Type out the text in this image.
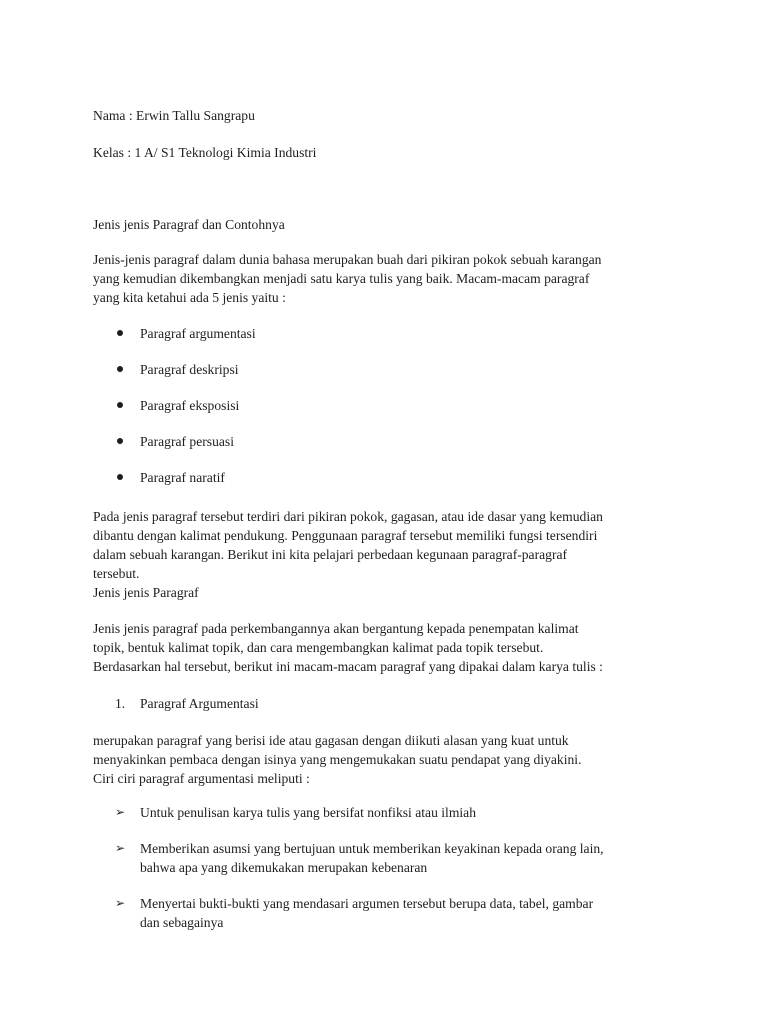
Nama : Erwin Tallu Sangrapu
Kelas : 1 A/ S1 Teknologi Kimia Industri
Jenis jenis Paragraf dan Contohnya
Jenis-jenis paragraf dalam dunia bahasa merupakan buah dari pikiran pokok sebuah karangan
yang kemudian dikembangkan menjadi satu karya tulis yang baik. Macam-macam paragraf
yang kita ketahui ada 5 jenis yaitu :
Paragraf argumentasi
Paragraf deskripsi
Paragraf eksposisi
Paragraf persuasi
Paragraf naratif
Pada jenis paragraf tersebut terdiri dari pikiran pokok, gagasan, atau ide dasar yang kemudian
dibantu dengan kalimat pendukung. Penggunaan paragraf tersebut memiliki fungsi tersendiri
dalam sebuah karangan. Berikut ini kita pelajari perbedaan kegunaan paragraf-paragraf
tersebut.
Jenis jenis Paragraf
Jenis jenis paragraf pada perkembangannya akan bergantung kepada penempatan kalimat
topik, bentuk kalimat topik, dan cara mengembangkan kalimat pada topik tersebut.
Berdasarkan hal tersebut, berikut ini macam-macam paragraf yang dipakai dalam karya tulis :
1. Paragraf Argumentasi
merupakan paragraf yang berisi ide atau gagasan dengan diikuti alasan yang kuat untuk
menyakinkan pembaca dengan isinya yang mengemukakan suatu pendapat yang diyakini.
Ciri ciri paragraf argumentasi meliputi :
➢ Untuk penulisan karya tulis yang bersifat nonfiksi atau ilmiah
➢ Memberikan asumsi yang bertujuan untuk memberikan keyakinan kepada orang lain,
bahwa apa yang dikemukakan merupakan kebenaran
➢ Menyertai bukti-bukti yang mendasari argumen tersebut berupa data, tabel, gambar
dan sebagainya
